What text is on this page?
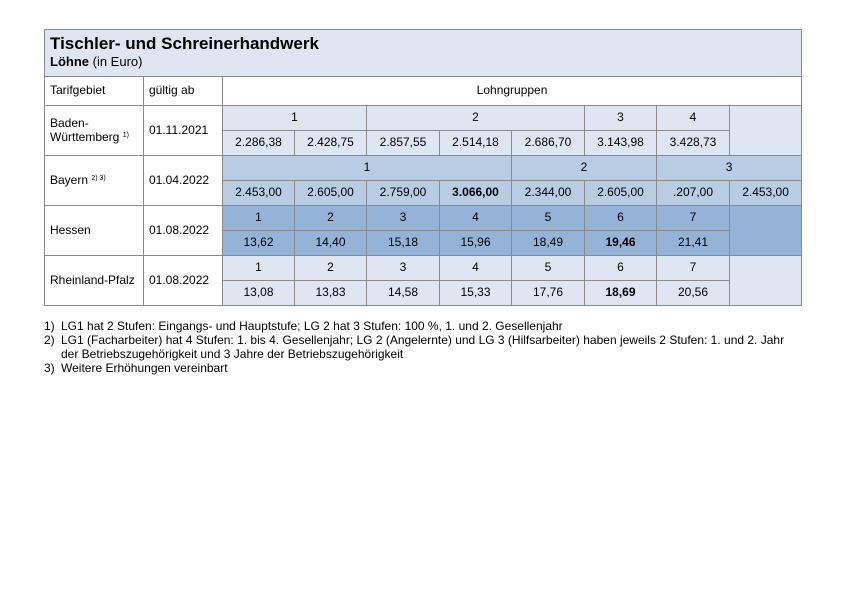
Tischler- und Schreinerhandwerk
Löhne (in Euro)									

Tarifgebiet	gültig ab	Lohngruppen							
Baden-
Württemberg $^{1)}$	01.11.2021	1		2			3	4	
		2.286,38	2.428,75	2.857,55	2.514,18	2.686,70	3.143,98	3.428,73	
Bayern $^{2) 3)}$	01.04.2022	1				2		3	
		2.453,00	2.605,00	2.759,00	3.066,00	2.344,00	2.605,00	.207,00	2.453,00
Hessen	01.08.2022	1	2	3	4	5	6	7	
		13,62	14,40	15,18	15,96	18,49	19,46	21,41	
Rheinland-Pfalz	01.08.2022	1	2	3	4	5	6	7	
		13,08	13,83	14,58	15,33	17,76	18,69	20,56	
1) LG1 hat 2 Stufen: Eingangs- und Hauptstufe; LG 2 hat 3 Stufen: 100 %, 1. und 2. Gesellenjahr
2) LG1 (Facharbeiter) hat 4 Stufen: 1. bis 4. Gesellenjahr; LG 2 (Angelernte) und LG 3 (Hilfsarbeiter) haben jeweils 2 Stufen: 1. und 2. Jahr der Betriebszugehörigkeit und 3 Jahre der Betriebszugehörigkeit
3) Weitere Erhöhungen vereinbart
